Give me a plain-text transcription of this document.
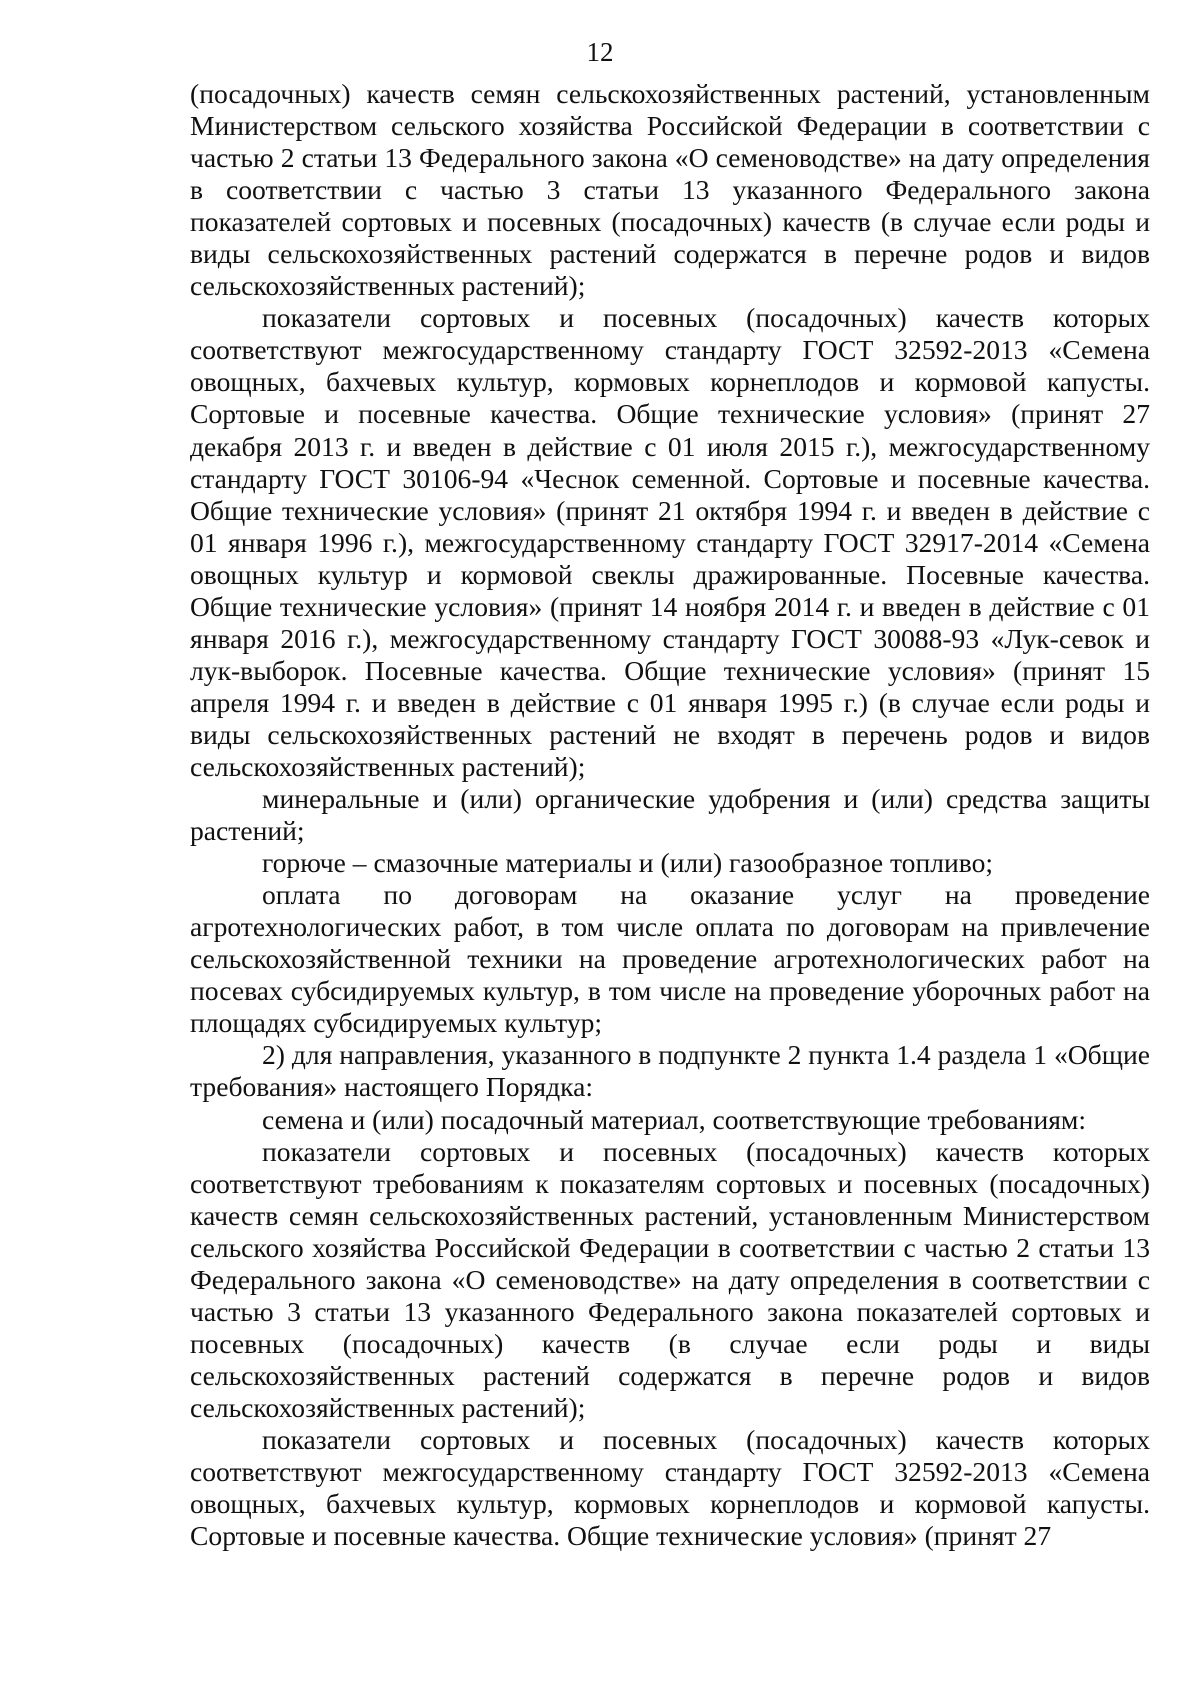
12

(посадочных) качеств семян сельскохозяйственных растений, установленным Министерством сельского хозяйства Российской Федерации в соответствии с частью 2 статьи 13 Федерального закона «О семеноводстве» на дату определения в соответствии с частью 3 статьи 13 указанного Федерального закона показателей сортовых и посевных (посадочных) качеств (в случае если роды и виды сельскохозяйственных растений содержатся в перечне родов и видов сельскохозяйственных растений);

показатели сортовых и посевных (посадочных) качеств которых соответствуют межгосударственному стандарту ГОСТ 32592-2013 «Семена овощных, бахчевых культур, кормовых корнеплодов и кормовой капусты. Сортовые и посевные качества. Общие технические условия» (принят 27 декабря 2013 г. и введен в действие с 01 июля 2015 г.), межгосударственному стандарту ГОСТ 30106-94 «Чеснок семенной. Сортовые и посевные качества. Общие технические условия» (принят 21 октября 1994 г. и введен в действие с 01 января 1996 г.), межгосударственному стандарту ГОСТ 32917-2014 «Семена овощных культур и кормовой свеклы дражированные. Посевные качества. Общие технические условия» (принят 14 ноября 2014 г. и введен в действие с 01 января 2016 г.), межгосударственному стандарту ГОСТ 30088-93 «Лук-севок и лук-выборок. Посевные качества. Общие технические условия» (принят 15 апреля 1994 г. и введен в действие с 01 января 1995 г.) (в случае если роды и виды сельскохозяйственных растений не входят в перечень родов и видов сельскохозяйственных растений);

минеральные и (или) органические удобрения и (или) средства защиты растений;

горюче – смазочные материалы и (или) газообразное топливо;

оплата по договорам на оказание услуг на проведение агротехнологических работ, в том числе оплата по договорам на привлечение сельскохозяйственной техники на проведение агротехнологических работ на посевах субсидируемых культур, в том числе на проведение уборочных работ на площадях субсидируемых культур;

2) для направления, указанного в подпункте 2 пункта 1.4 раздела 1 «Общие требования» настоящего Порядка:

семена и (или) посадочный материал, соответствующие требованиям:

показатели сортовых и посевных (посадочных) качеств которых соответствуют требованиям к показателям сортовых и посевных (посадочных) качеств семян сельскохозяйственных растений, установленным Министерством сельского хозяйства Российской Федерации в соответствии с частью 2 статьи 13 Федерального закона «О семеноводстве» на дату определения в соответствии с частью 3 статьи 13 указанного Федерального закона показателей сортовых и посевных (посадочных) качеств (в случае если роды и виды сельскохозяйственных растений содержатся в перечне родов и видов сельскохозяйственных растений);

показатели сортовых и посевных (посадочных) качеств которых соответствуют межгосударственному стандарту ГОСТ 32592-2013 «Семена овощных, бахчевых культур, кормовых корнеплодов и кормовой капусты. Сортовые и посевные качества. Общие технические условия» (принят 27
